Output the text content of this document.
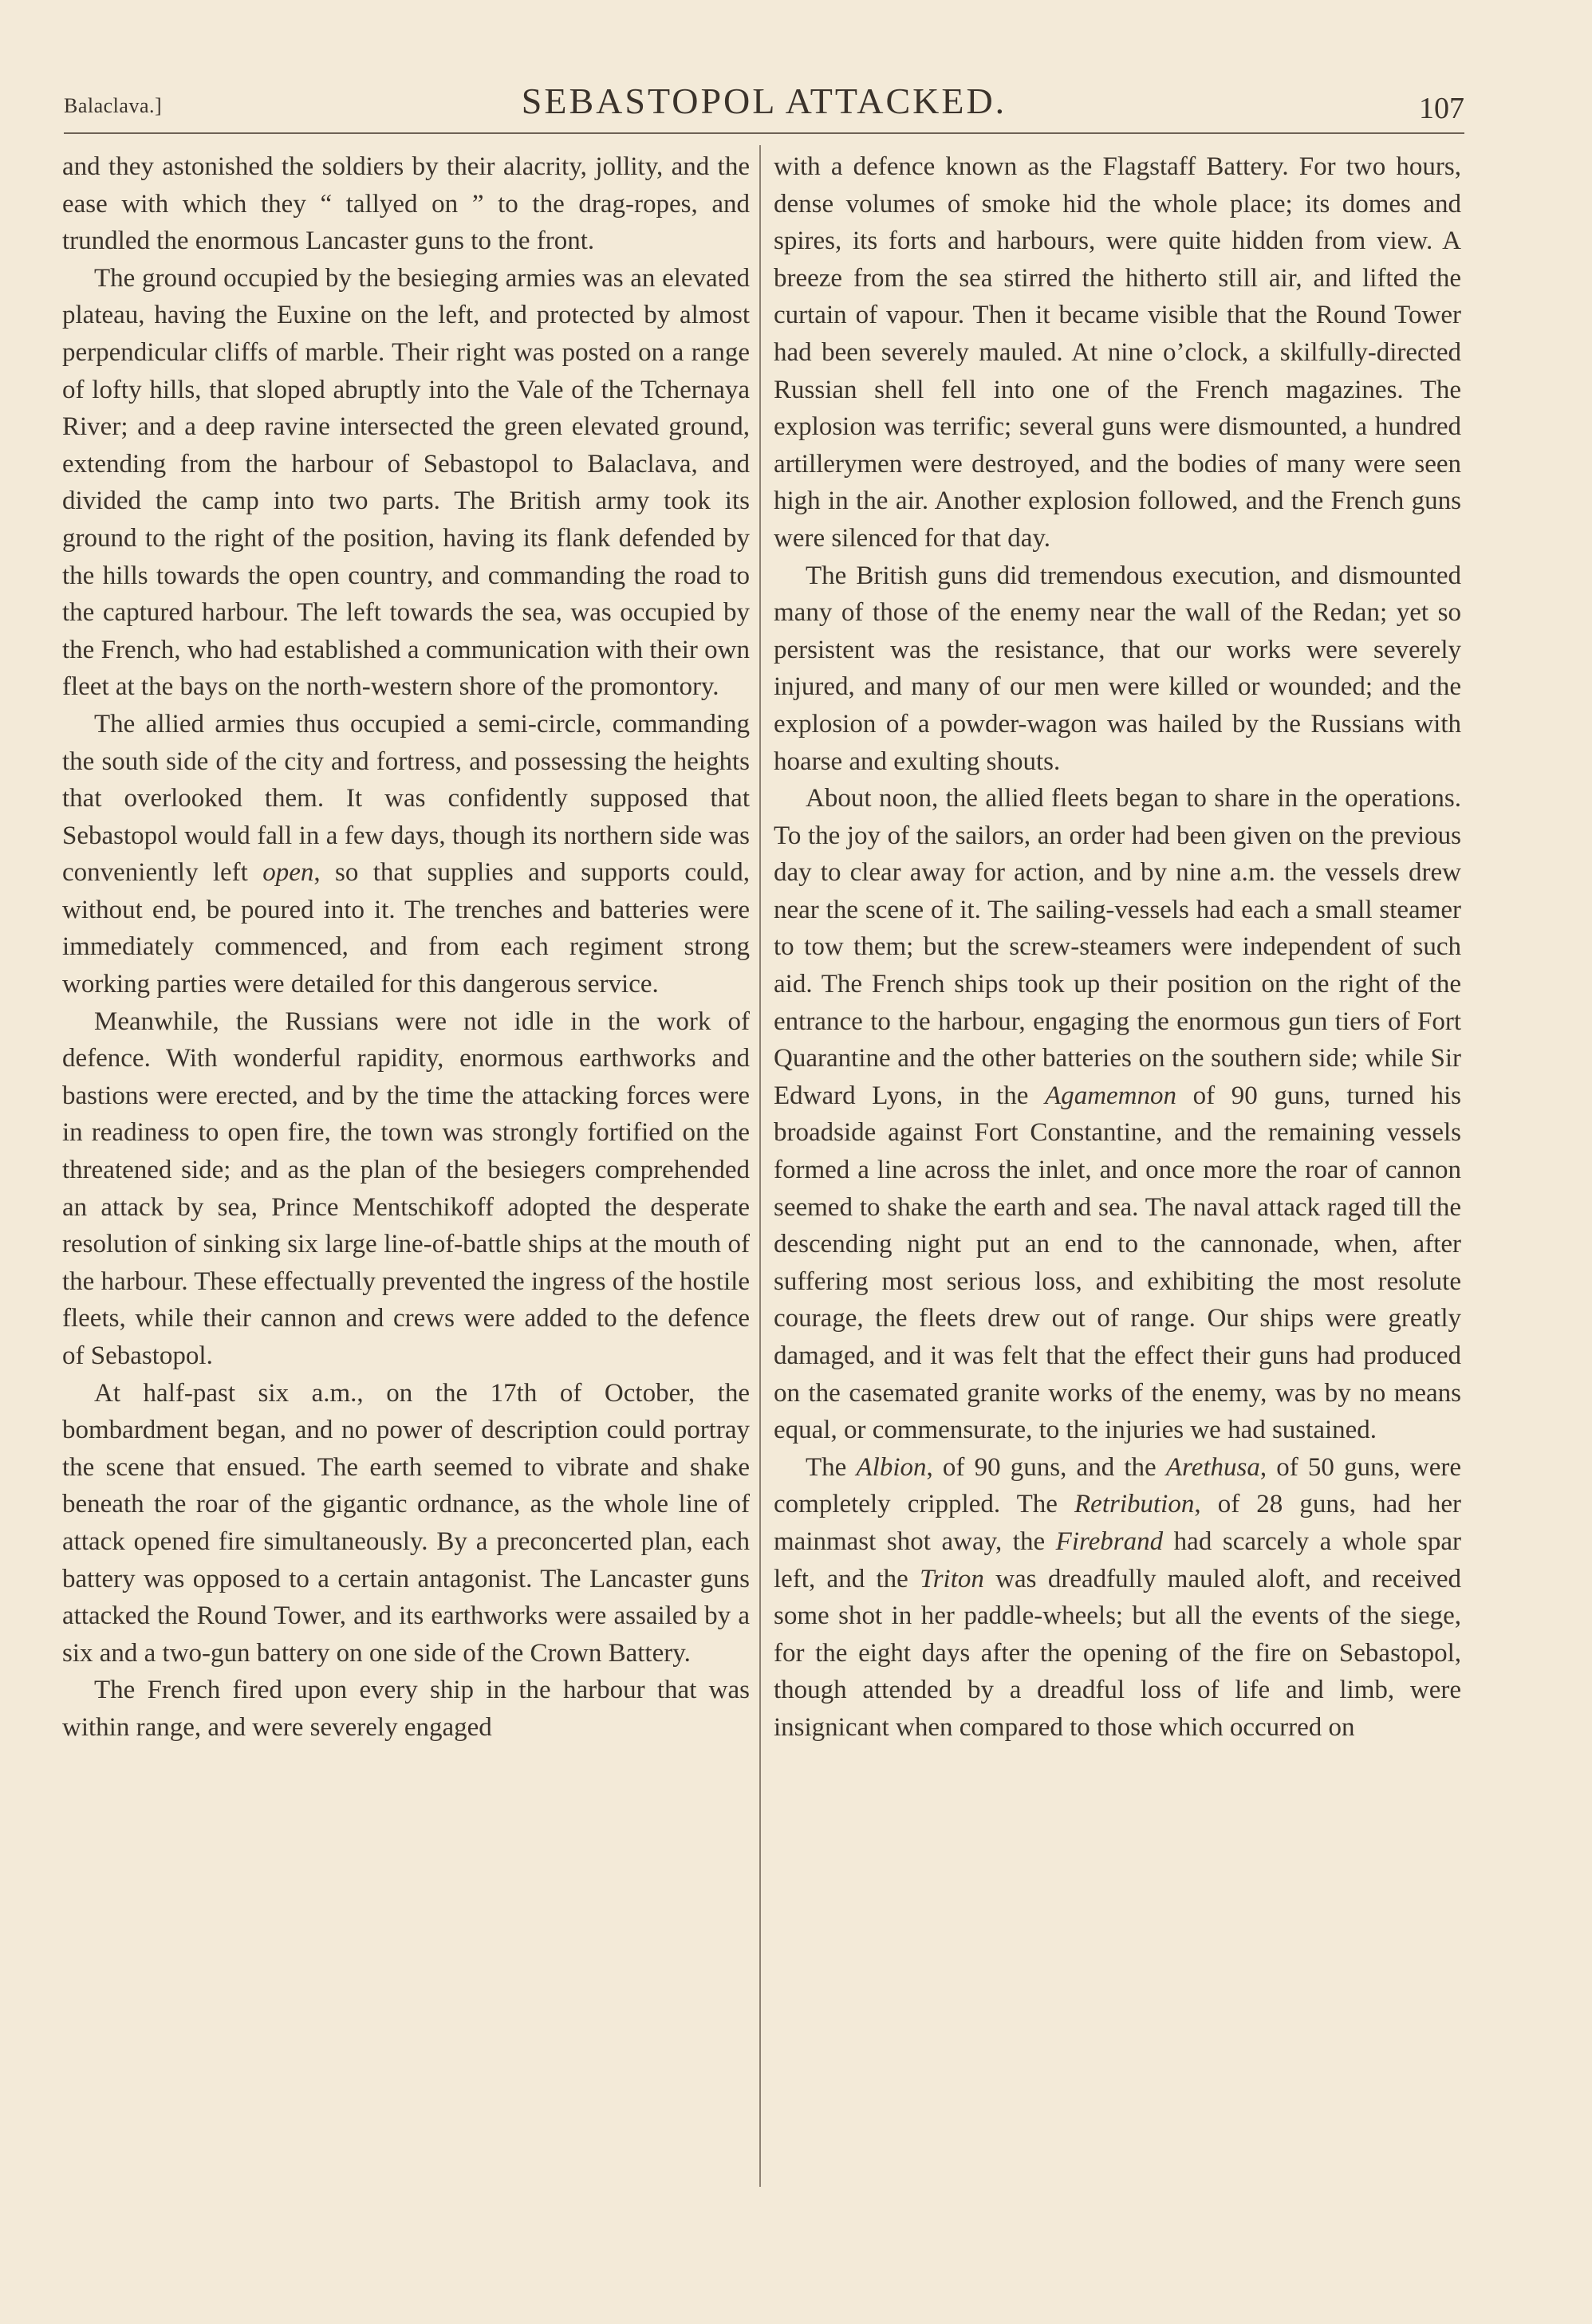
Balaclava.]	SEBASTOPOL ATTACKED.	107

and they astonished the soldiers by their alacrity, jollity, and the ease with which they “ tallyed on ” to the drag-ropes, and trundled the enormous Lancaster guns to the front.

The ground occupied by the besieging armies was an elevated plateau, having the Euxine on the left, and protected by almost perpendicular cliffs of marble. Their right was posted on a range of lofty hills, that sloped abruptly into the Vale of the Tchernaya River; and a deep ravine intersected the green elevated ground, extending from the harbour of Sebastopol to Balaclava, and divided the camp into two parts. The British army took its ground to the right of the position, having its flank defended by the hills towards the open country, and commanding the road to the captured harbour. The left towards the sea, was occupied by the French, who had established a communication with their own fleet at the bays on the north-western shore of the promontory.

The allied armies thus occupied a semi-circle, commanding the south side of the city and fortress, and possessing the heights that overlooked them. It was confidently supposed that Sebastopol would fall in a few days, though its northern side was conveniently left open, so that supplies and supports could, without end, be poured into it. The trenches and batteries were immediately commenced, and from each regiment strong working parties were detailed for this dangerous service.

Meanwhile, the Russians were not idle in the work of defence. With wonderful rapidity, enormous earthworks and bastions were erected, and by the time the attacking forces were in readiness to open fire, the town was strongly fortified on the threatened side; and as the plan of the besiegers comprehended an attack by sea, Prince Mentschikoff adopted the desperate resolution of sinking six large line-of-battle ships at the mouth of the harbour. These effectually prevented the ingress of the hostile fleets, while their cannon and crews were added to the defence of Sebastopol.

At half-past six a.m., on the 17th of October, the bombardment began, and no power of description could portray the scene that ensued. The earth seemed to vibrate and shake beneath the roar of the gigantic ordnance, as the whole line of attack opened fire simultaneously. By a preconcerted plan, each battery was opposed to a certain antagonist. The Lancaster guns attacked the Round Tower, and its earthworks were assailed by a six and a two-gun battery on one side of the Crown Battery.

The French fired upon every ship in the harbour that was within range, and were severely engaged

with a defence known as the Flagstaff Battery. For two hours, dense volumes of smoke hid the whole place; its domes and spires, its forts and harbours, were quite hidden from view. A breeze from the sea stirred the hitherto still air, and lifted the curtain of vapour. Then it became visible that the Round Tower had been severely mauled. At nine o’clock, a skilfully-directed Russian shell fell into one of the French magazines. The explosion was terrific; several guns were dismounted, a hundred artillerymen were destroyed, and the bodies of many were seen high in the air. Another explosion followed, and the French guns were silenced for that day.

The British guns did tremendous execution, and dismounted many of those of the enemy near the wall of the Redan; yet so persistent was the resistance, that our works were severely injured, and many of our men were killed or wounded; and the explosion of a powder-wagon was hailed by the Russians with hoarse and exulting shouts.

About noon, the allied fleets began to share in the operations. To the joy of the sailors, an order had been given on the previous day to clear away for action, and by nine a.m. the vessels drew near the scene of it. The sailing-vessels had each a small steamer to tow them; but the screw-steamers were independent of such aid. The French ships took up their position on the right of the entrance to the harbour, engaging the enormous gun tiers of Fort Quarantine and the other batteries on the southern side; while Sir Edward Lyons, in the Agamemnon of 90 guns, turned his broadside against Fort Constantine, and the remaining vessels formed a line across the inlet, and once more the roar of cannon seemed to shake the earth and sea. The naval attack raged till the descending night put an end to the cannonade, when, after suffering most serious loss, and exhibiting the most resolute courage, the fleets drew out of range. Our ships were greatly damaged, and it was felt that the effect their guns had produced on the casemated granite works of the enemy, was by no means equal, or commensurate, to the injuries we had sustained.

The Albion, of 90 guns, and the Arethusa, of 50 guns, were completely crippled. The Retribution, of 28 guns, had her mainmast shot away, the Firebrand had scarcely a whole spar left, and the Triton was dreadfully mauled aloft, and received some shot in her paddle-wheels; but all the events of the siege, for the eight days after the opening of the fire on Sebastopol, though attended by a dreadful loss of life and limb, were insignicant when compared to those which occurred on
